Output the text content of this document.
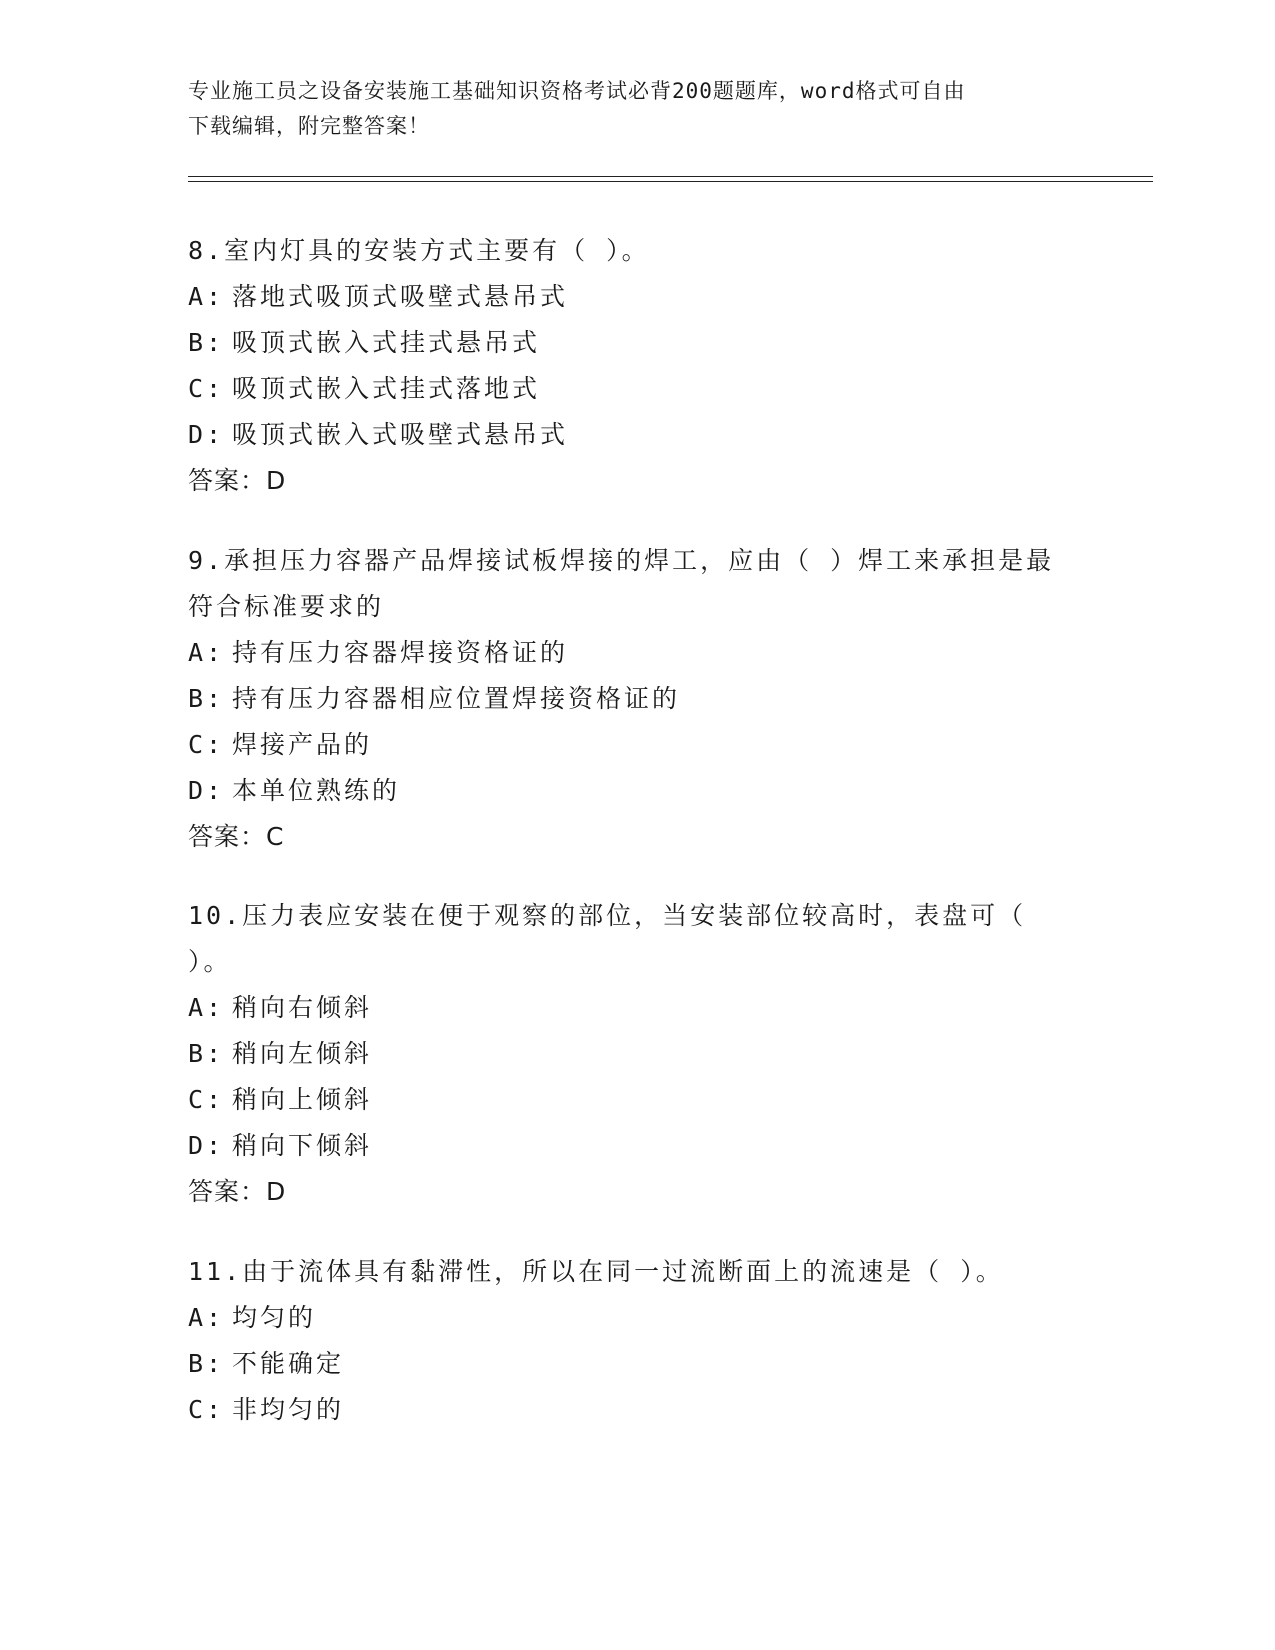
专业施工员之设备安装施工基础知识资格考试必背200题题库，word格式可自由
下载编辑，附完整答案！
8.室内灯具的安装方式主要有（ ）。
A: 落地式吸顶式吸壁式悬吊式
B: 吸顶式嵌入式挂式悬吊式
C: 吸顶式嵌入式挂式落地式
D: 吸顶式嵌入式吸壁式悬吊式
答案：D
9.承担压力容器产品焊接试板焊接的焊工，应由（ ）焊工来承担是最
符合标准要求的
A: 持有压力容器焊接资格证的
B: 持有压力容器相应位置焊接资格证的
C: 焊接产品的
D: 本单位熟练的
答案：C
10.压力表应安装在便于观察的部位，当安装部位较高时，表盘可（
）。
A: 稍向右倾斜
B: 稍向左倾斜
C: 稍向上倾斜
D: 稍向下倾斜
答案：D
11.由于流体具有黏滞性，所以在同一过流断面上的流速是（ ）。
A: 均匀的
B: 不能确定
C: 非均匀的
